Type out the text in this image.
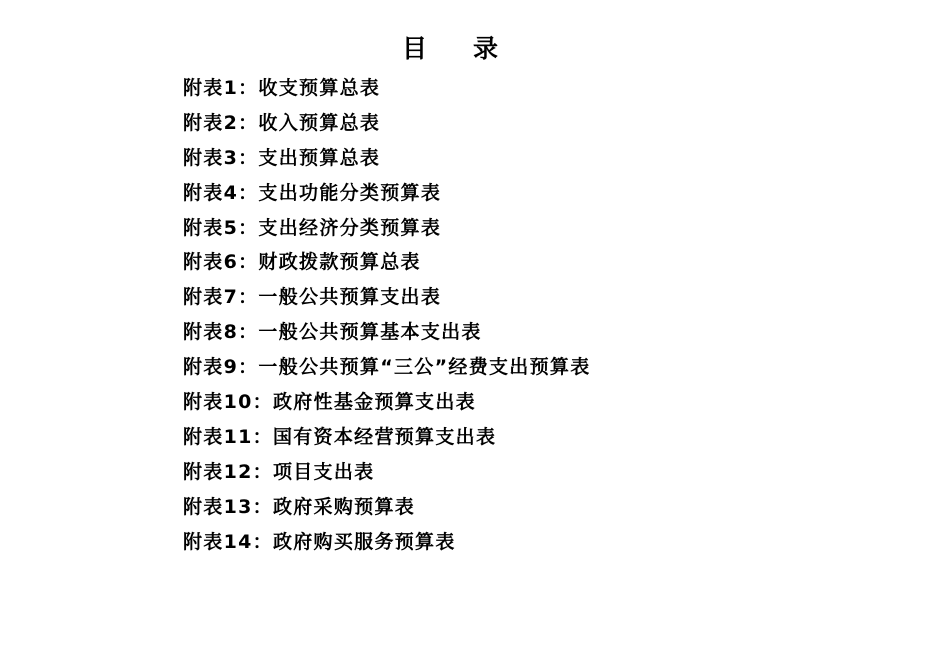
目录
附表1：收支预算总表
附表2：收入预算总表
附表3：支出预算总表
附表4：支出功能分类预算表
附表5：支出经济分类预算表
附表6：财政拨款预算总表
附表7：一般公共预算支出表
附表8：一般公共预算基本支出表
附表9：一般公共预算“三公”经费支出预算表
附表10：政府性基金预算支出表
附表11：国有资本经营预算支出表
附表12：项目支出表
附表13：政府采购预算表
附表14：政府购买服务预算表
